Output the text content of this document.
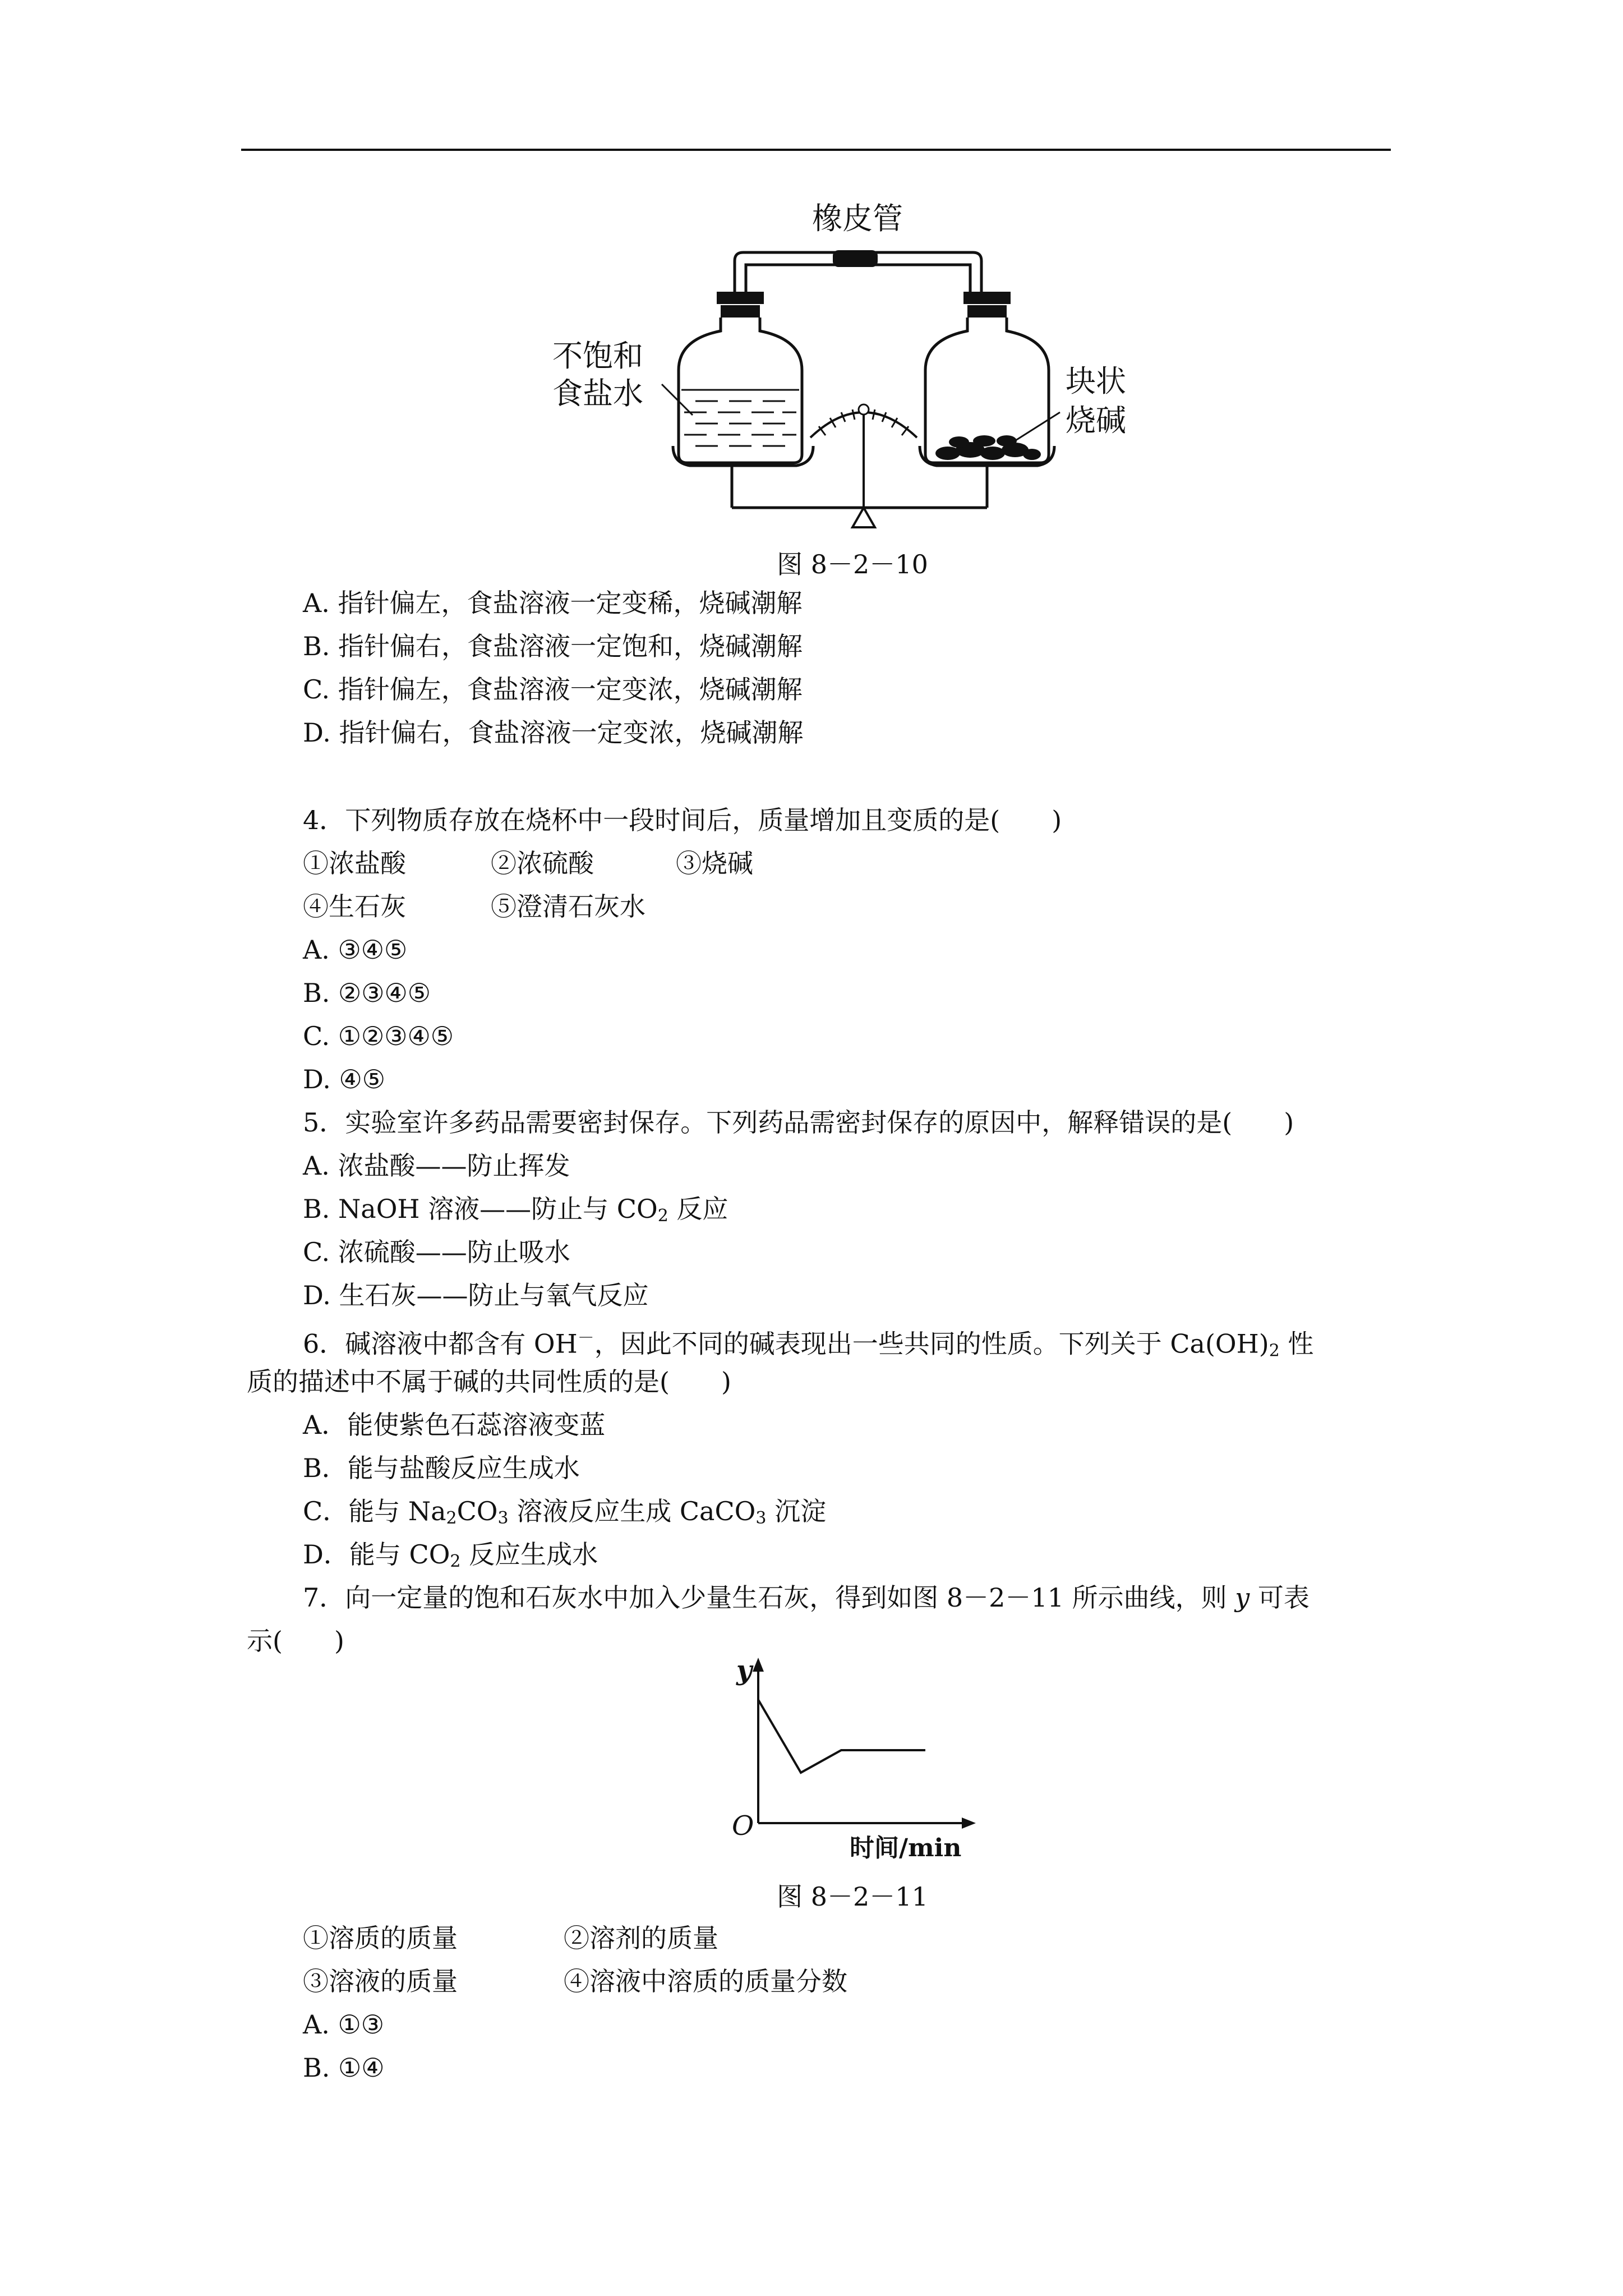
橡皮管
不饱和
食盐水	块状
烧碱
图 8－2－10
A. 指针偏左，食盐溶液一定变稀，烧碱潮解
B. 指针偏右，食盐溶液一定饱和，烧碱潮解
C. 指针偏左，食盐溶液一定变浓，烧碱潮解
D. 指针偏右，食盐溶液一定变浓，烧碱潮解
4．下列物质存放在烧杯中一段时间后，质量增加且变质的是(　　)
①浓盐酸	②浓硫酸	③烧碱
④生石灰	⑤澄清石灰水
A. ③④⑤
B. ②③④⑤
C. ①②③④⑤
D. ④⑤
5．实验室许多药品需要密封保存。下列药品需密封保存的原因中，解释错误的是(　　)
A. 浓盐酸——防止挥发
B. NaOH 溶液——防止与 $CO_2$ 反应
C. 浓硫酸——防止吸水
D. 生石灰——防止与氧气反应
6．碱溶液中都含有 OH－，因此不同的碱表现出一些共同的性质。下列关于 $Ca(OH)_2$ 性
质的描述中不属于碱的共同性质的是(　　)
A．能使紫色石蕊溶液变蓝
B．能与盐酸反应生成水
C．能与 $Na_2CO_3$ 溶液反应生成 CaCO$_3$ 沉淀
D．能与 $CO_2$ 反应生成水
7．向一定量的饱和石灰水中加入少量生石灰，得到如图 8－2－11 所示曲线，则 y 可表
示(　　)
y
O
时间/min
图 8－2－11
①溶质的质量	②溶剂的质量
③溶液的质量	④溶液中溶质的质量分数
A. ①③
B. ①④
